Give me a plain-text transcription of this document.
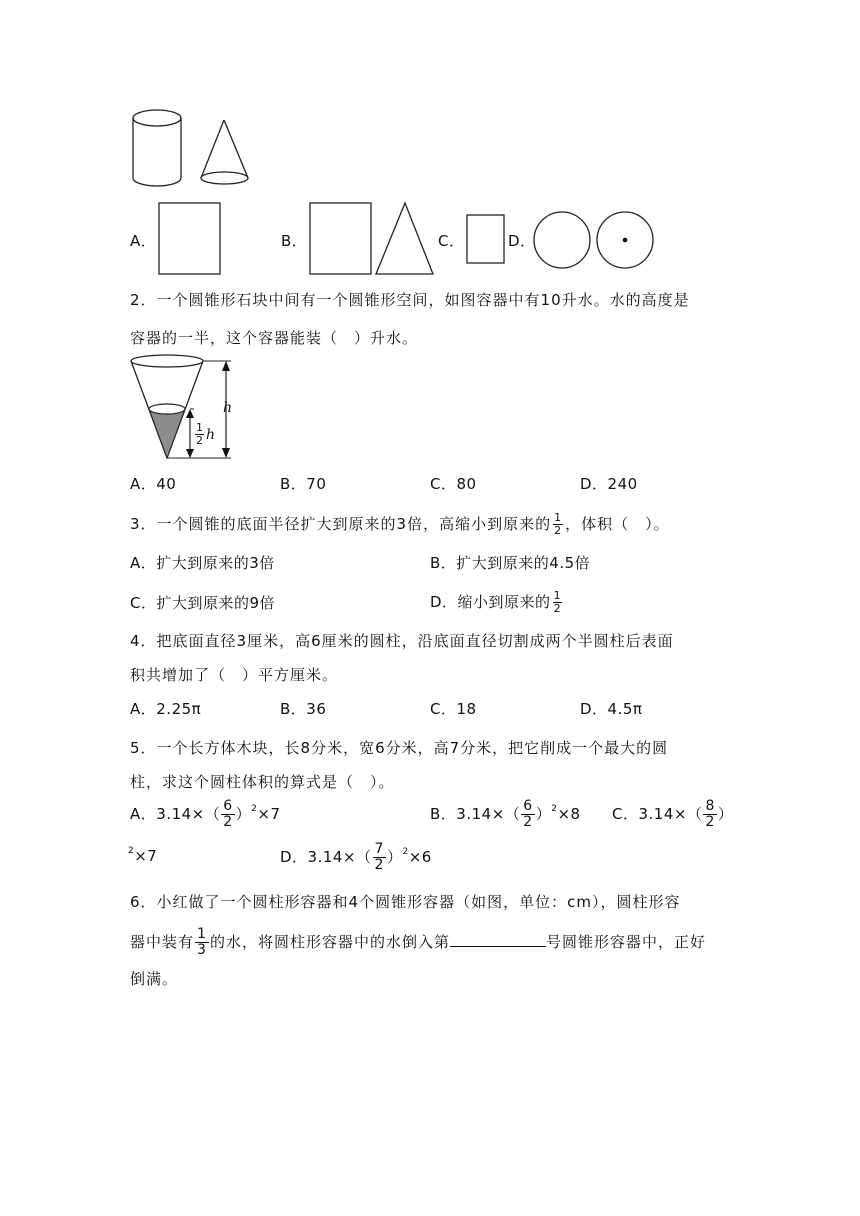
A．	B．	C．	D．
2．一个圆锥形石块中间有一个圆锥形空间，如图容器中有10升水。水的高度是
容器的一半，这个容器能装（　）升水。
h
$\frac{1}{2}$ h
A．40	B．70	C．80	D．240
3．一个圆锥的底面半径扩大到原来的3倍，高缩小到原来的 $\frac{1}{2}$ ，体积（　）。
A．扩大到原来的3倍	B．扩大到原来的4.5倍
C．扩大到原来的9倍	D．缩小到原来的 $\frac{1}{2}$
4．把底面直径3厘米，高6厘米的圆柱，沿底面直径切割成两个半圆柱后表面
积共增加了（　）平方厘米。
A．2.25π	B．36	C．18	D．4.5π
5．一个长方体木块，长8分米，宽6分米，高7分米，把它削成一个最大的圆
柱，求这个圆柱体积的算式是（　）。
A．$3.14\times( \frac{6}{2} )^2\times 7$	B．$3.14\times( \frac{6}{2} )^2\times 8$ C．$3.14\times( \frac{8}{2}$ ）
$^2$×7	D．$3.14\times( \frac{7}{2} )^2\times 6$
6．小红做了一个圆柱形容器和4个圆锥形容器（如图，单位：cm），圆柱形容
器中装有 $\frac{1}{3}$ 的水，将圆柱形容器中的水倒入第	号圆锥形容器中，正好
倒满。
